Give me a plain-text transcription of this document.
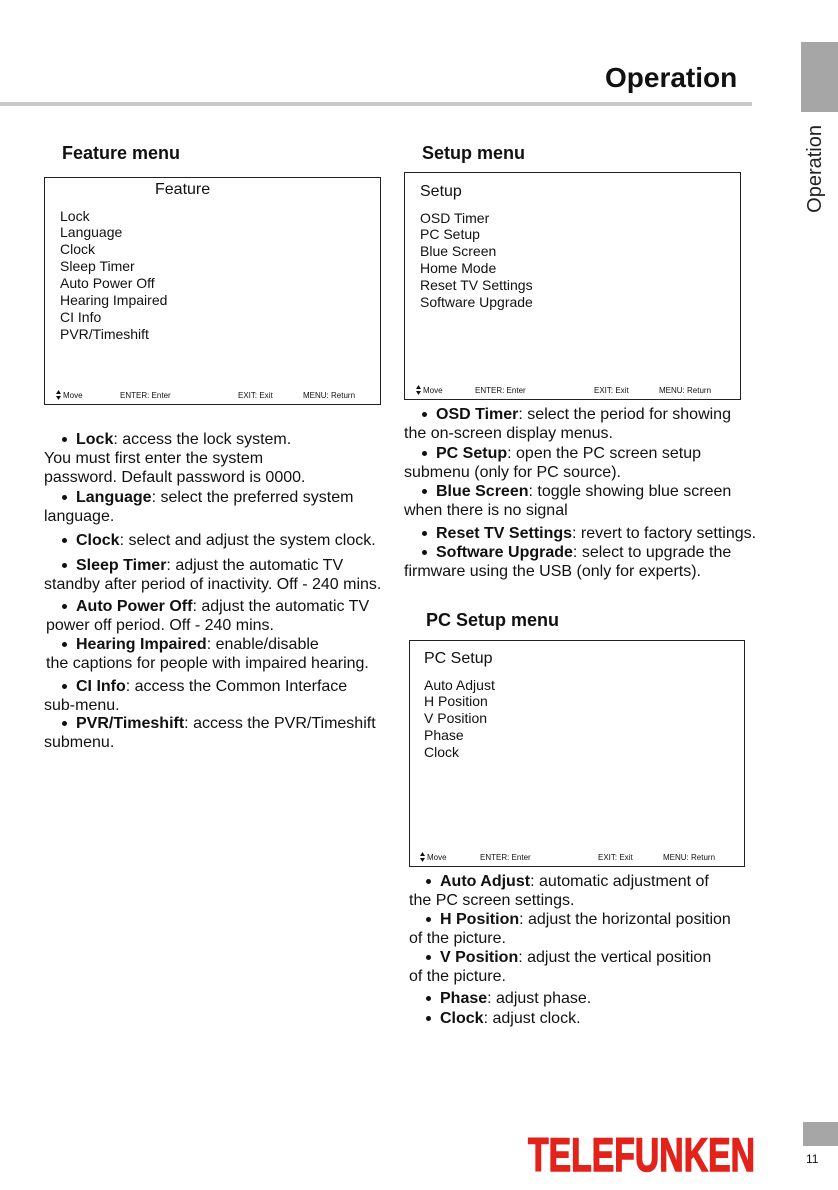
Operation
Operation
Feature menu
Feature
Lock
Language
Clock
Sleep Timer
Auto Power Off
Hearing Impaired
CI Info
PVR/Timeshift
Move	ENTER: Enter	EXIT: Exit	MENU: Return
Lock: access the lock system.
You must first enter the system
password. Default password is 0000.
Language: select the preferred system
language.
Clock: select and adjust the system clock.
Sleep Timer: adjust the automatic TV
standby after period of inactivity. Off - 240 mins.
Auto Power Off: adjust the automatic TV
power off period. Off - 240 mins.
Hearing Impaired: enable/disable
the captions for people with impaired hearing.
CI Info: access the Common Interface
sub-menu.
PVR/Timeshift: access the PVR/Timeshift
submenu.
Setup menu
Setup
OSD Timer
PC Setup
Blue Screen
Home Mode
Reset TV Settings
Software Upgrade
Move	ENTER: Enter	EXIT: Exit	MENU: Return
OSD Timer: select the period for showing
the on-screen display menus.
PC Setup: open the PC screen setup
submenu (only for PC source).
Blue Screen: toggle showing blue screen
when there is no signal
Reset TV Settings: revert to factory settings.
Software Upgrade: select to upgrade the
firmware using the USB (only for experts).
PC Setup menu
PC Setup
Auto Adjust
H Position
V Position
Phase
Clock
Move	ENTER: Enter	EXIT: Exit	MENU: Return
Auto Adjust: automatic adjustment of
the PC screen settings.
H Position: adjust the horizontal position
of the picture.
V Position: adjust the vertical position
of the picture.
Phase: adjust phase.
Clock: adjust clock.
TELEFUNKEN	11
